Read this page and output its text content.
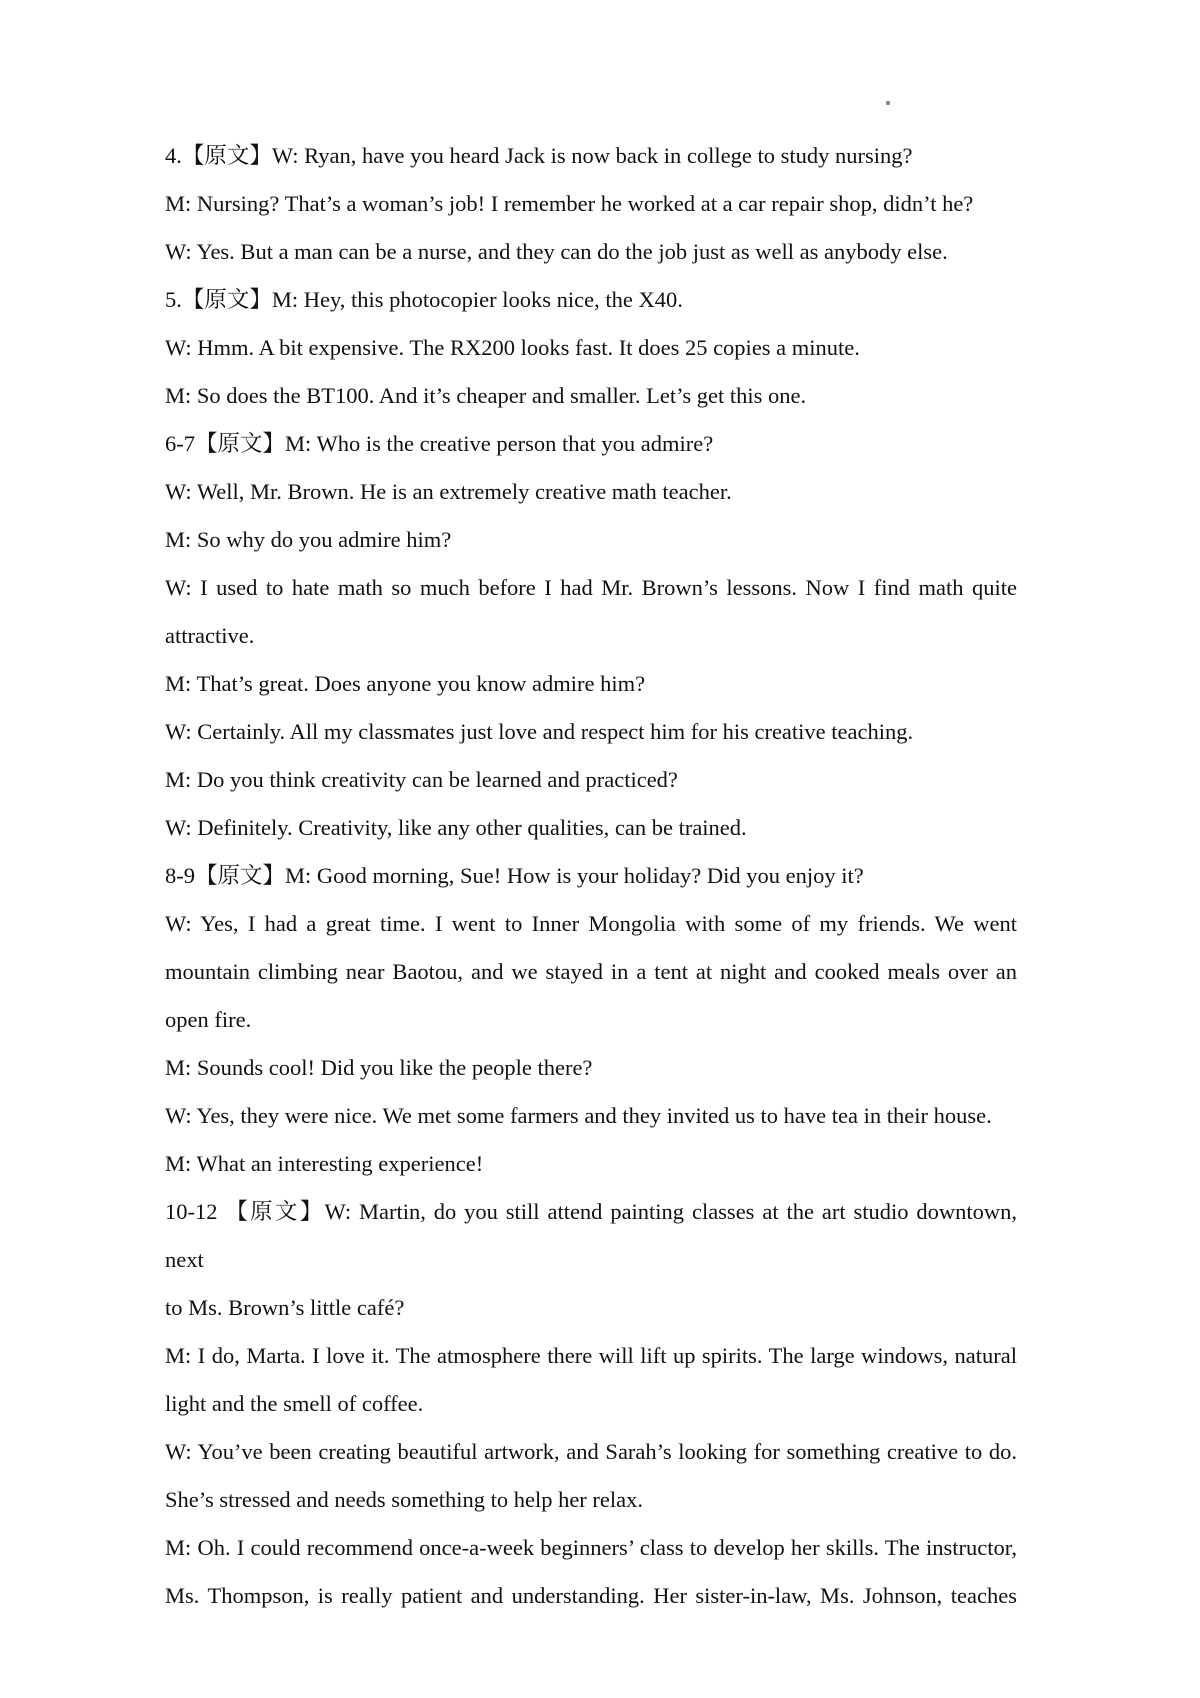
4.【原文】W: Ryan, have you heard Jack is now back in college to study nursing?
M: Nursing? That’s a woman’s job! I remember he worked at a car repair shop, didn’t he?
W: Yes. But a man can be a nurse, and they can do the job just as well as anybody else.
5.【原文】M: Hey, this photocopier looks nice, the X40.
W: Hmm. A bit expensive. The RX200 looks fast. It does 25 copies a minute.
M: So does the BT100. And it’s cheaper and smaller. Let’s get this one.
6-7【原文】M: Who is the creative person that you admire?
W: Well, Mr. Brown. He is an extremely creative math teacher.
M: So why do you admire him?
W: I used to hate math so much before I had Mr. Brown’s lessons. Now I find math quite
attractive.
M: That’s great. Does anyone you know admire him?
W: Certainly. All my classmates just love and respect him for his creative teaching.
M: Do you think creativity can be learned and practiced?
W: Definitely. Creativity, like any other qualities, can be trained.
8-9【原文】M: Good morning, Sue! How is your holiday? Did you enjoy it?
W: Yes, I had a great time. I went to Inner Mongolia with some of my friends. We went
mountain climbing near Baotou, and we stayed in a tent at night and cooked meals over an
open fire.
M: Sounds cool! Did you like the people there?
W: Yes, they were nice. We met some farmers and they invited us to have tea in their house.
M: What an interesting experience!
10-12 【原文】W: Martin, do you still attend painting classes at the art studio downtown, next
to Ms. Brown’s little café?
M: I do, Marta. I love it. The atmosphere there will lift up spirits. The large windows, natural
light and the smell of coffee.
W: You’ve been creating beautiful artwork, and Sarah’s looking for something creative to do.
She’s stressed and needs something to help her relax.
M: Oh. I could recommend once-a-week beginners’ class to develop her skills. The instructor,
Ms. Thompson, is really patient and understanding. Her sister-in-law, Ms. Johnson, teaches
